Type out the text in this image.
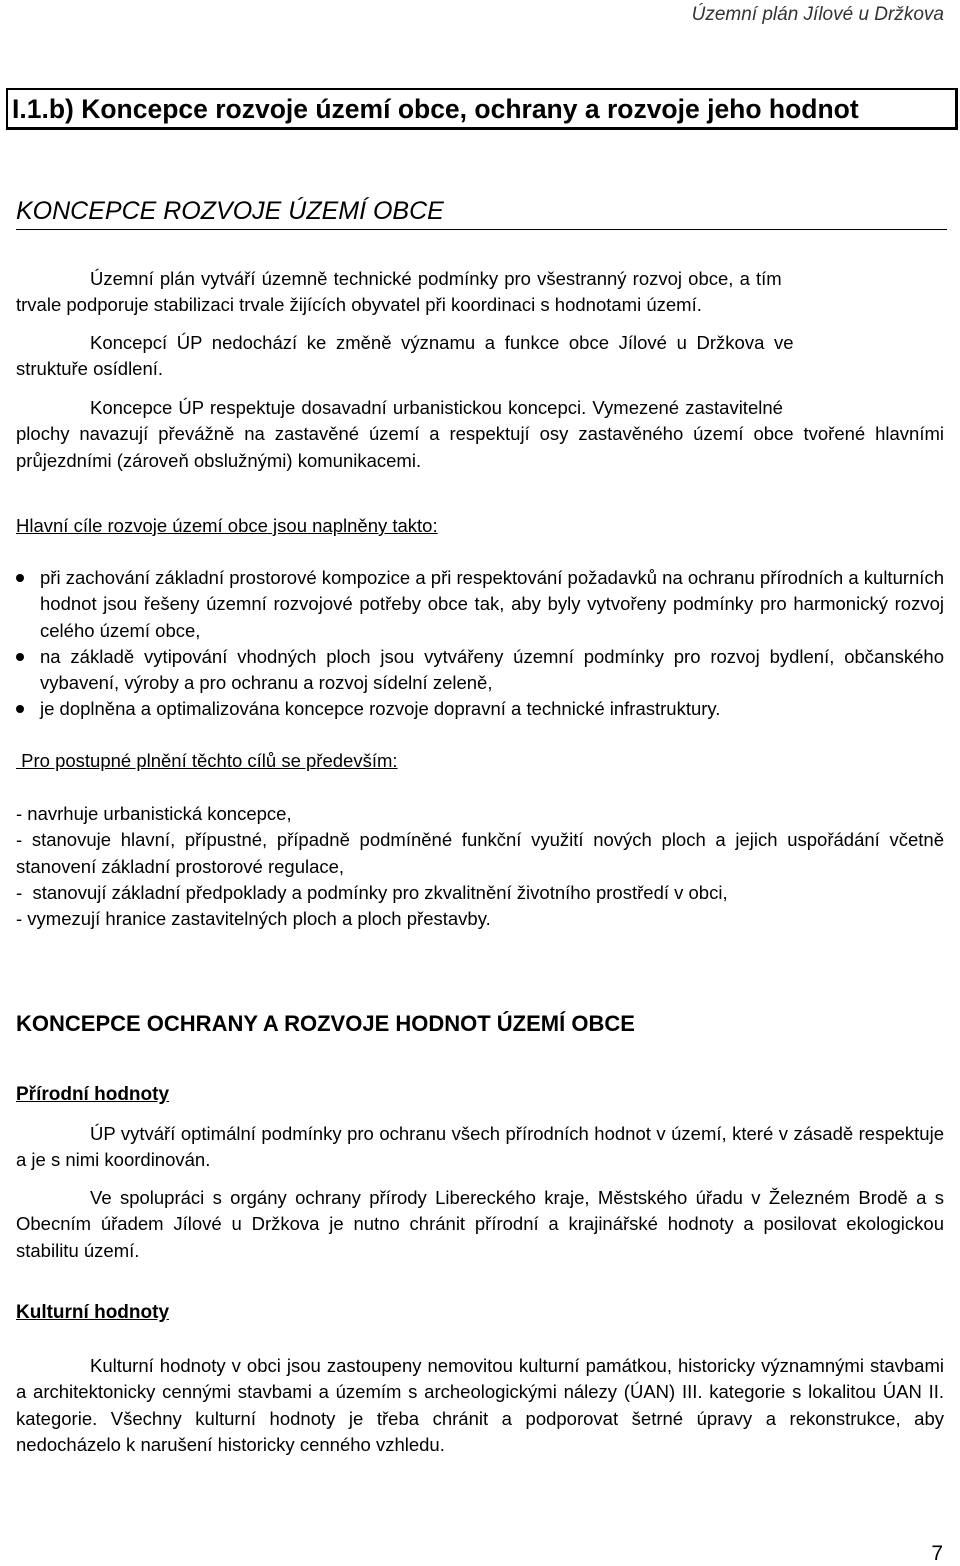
Územní plán Jílové u Držkova
I.1.b) Koncepce rozvoje území obce, ochrany a rozvoje jeho hodnot
KONCEPCE ROZVOJE ÚZEMÍ OBCE
Územní plán vytváří územně technické podmínky pro všestranný rozvoj obce, a tím
trvale podporuje stabilizaci trvale žijících obyvatel při koordinaci s hodnotami území.
Koncepcí ÚP nedochází ke změně významu a funkce obce Jílové u Držkova ve
struktuře osídlení.
Koncepce ÚP respektuje dosavadní urbanistickou koncepci. Vymezené zastavitelné
plochy navazují převážně na zastavěné území a respektují osy zastavěného území obce tvořené hlavními průjezdními (zároveň obslužnými) komunikacemi.
Hlavní cíle rozvoje území obce jsou naplněny takto:
při zachování základní prostorové kompozice a při respektování požadavků na ochranu přírodních a kulturních hodnot jsou řešeny územní rozvojové potřeby obce tak, aby byly vytvořeny podmínky pro harmonický rozvoj celého území obce,
na základě vytipování vhodných ploch jsou vytvářeny územní podmínky pro rozvoj bydlení, občanského vybavení, výroby a pro ochranu a rozvoj sídelní zeleně,
je doplněna a optimalizována koncepce rozvoje dopravní a technické infrastruktury.
Pro postupné plnění těchto cílů se především:
- navrhuje urbanistická koncepce,
- stanovuje hlavní, přípustné, případně podmíněné funkční využití nových ploch a jejich uspořádání včetně stanovení základní prostorové regulace,
-  stanovují základní předpoklady a podmínky pro zkvalitnění životního prostředí v obci,
- vymezují hranice zastavitelných ploch a ploch přestavby.
KONCEPCE OCHRANY A ROZVOJE HODNOT ÚZEMÍ OBCE
Přírodní hodnoty
ÚP vytváří optimální podmínky pro ochranu všech přírodních hodnot v území, které v zásadě respektuje a je s nimi koordinován.
Ve spolupráci s orgány ochrany přírody Libereckého kraje, Městského úřadu v Železném Brodě a s Obecním úřadem Jílové u Držkova je nutno chránit přírodní a krajinářské hodnoty a posilovat ekologickou stabilitu území.
Kulturní hodnoty
Kulturní hodnoty v obci jsou zastoupeny nemovitou kulturní památkou, historicky významnými stavbami a architektonicky cennými stavbami a územím s archeologickými nálezy (ÚAN) III. kategorie s lokalitou ÚAN II. kategorie. Všechny kulturní hodnoty je třeba chránit a podporovat šetrné úpravy a rekonstrukce, aby nedocházelo k narušení historicky cenného vzhledu.
7
